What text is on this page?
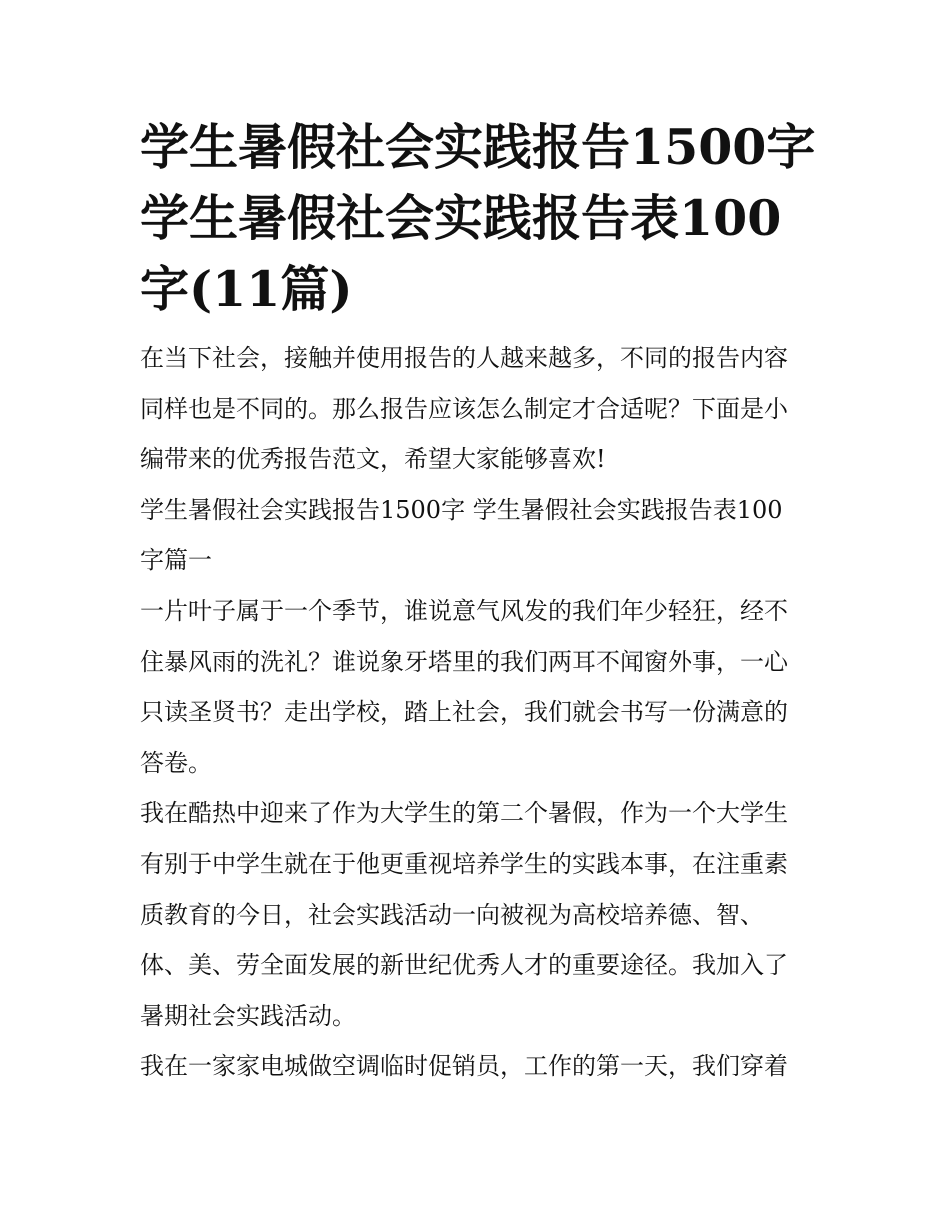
学生暑假社会实践报告1500字
学生暑假社会实践报告表100
字(11篇)

在当下社会，接触并使用报告的人越来越多，不同的报告内容
同样也是不同的。那么报告应该怎么制定才合适呢？下面是小
编带来的优秀报告范文，希望大家能够喜欢!

学生暑假社会实践报告1500字 学生暑假社会实践报告表100
字篇一

一片叶子属于一个季节，谁说意气风发的我们年少轻狂，经不
住暴风雨的洗礼？谁说象牙塔里的我们两耳不闻窗外事，一心
只读圣贤书？走出学校，踏上社会，我们就会书写一份满意的
答卷。

我在酷热中迎来了作为大学生的第二个暑假，作为一个大学生
有别于中学生就在于他更重视培养学生的实践本事，在注重素
质教育的今日，社会实践活动一向被视为高校培养德、智、
体、美、劳全面发展的新世纪优秀人才的重要途径。我加入了
暑期社会实践活动。

我在一家家电城做空调临时促销员，工作的第一天，我们穿着
